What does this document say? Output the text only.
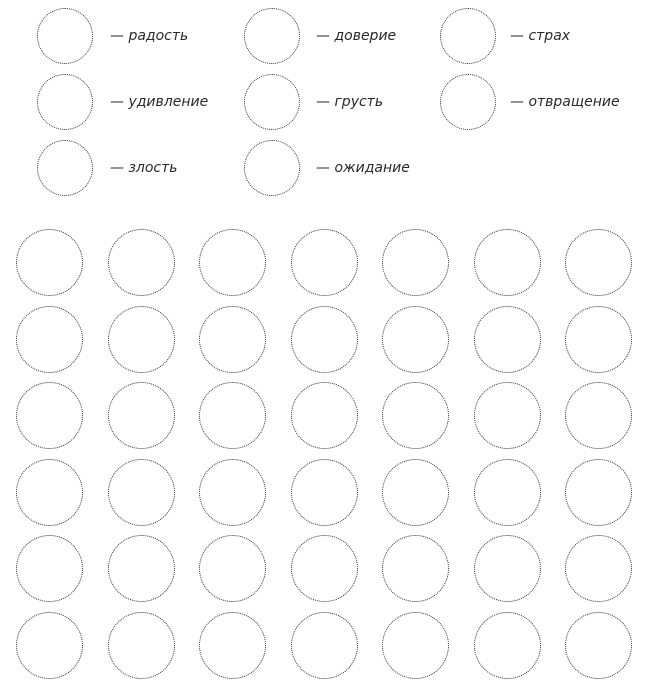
— радость	— доверие	— страх
— удивление	— грусть	— отвращение
— злость	— ожидание
